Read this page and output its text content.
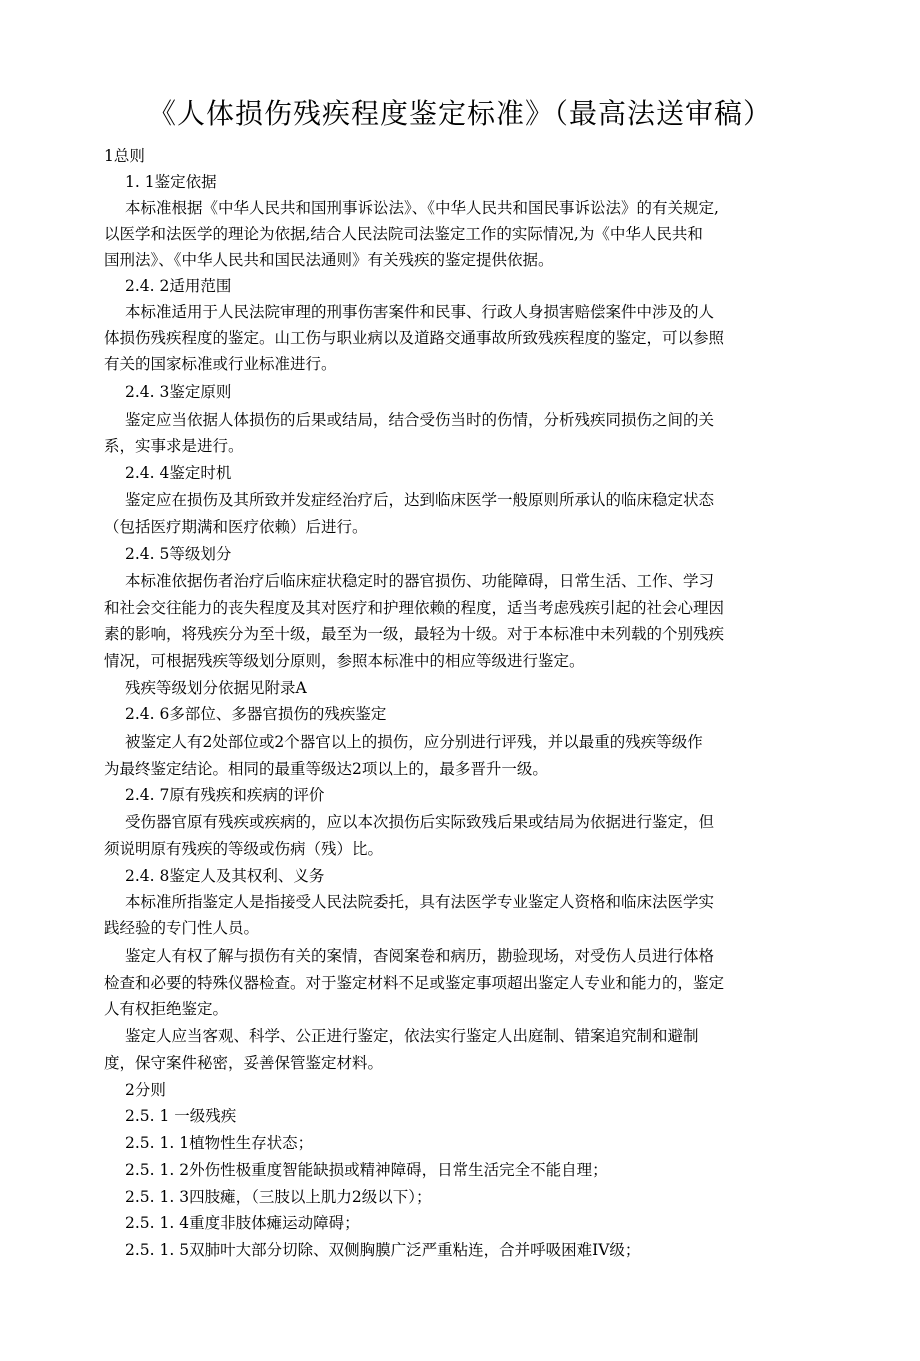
《人体损伤残疾程度鉴定标准》（最高法送审稿）
1总则
1. 1鉴定依据
本标准根据《中华人民共和国刑事诉讼法》、《中华人民共和国民事诉讼法》的有关规定,
以医学和法医学的理论为依据,结合人民法院司法鉴定工作的实际情况,为《中华人民共和
国刑法》、《中华人民共和国民法通则》有关残疾的鉴定提供依据。
2.4. 2适用范围
本标准适用于人民法院审理的刑事伤害案件和民事、行政人身损害赔偿案件中涉及的人
体损伤残疾程度的鉴定。山工伤与职业病以及道路交通事故所致残疾程度的鉴定，可以参照
有关的国家标准或行业标准进行。
2.4. 3鉴定原则
鉴定应当依据人体损伤的后果或结局，结合受伤当时的伤情，分析残疾同损伤之间的关
系，实事求是进行。
2.4. 4鉴定时机
鉴定应在损伤及其所致并发症经治疗后，达到临床医学一般原则所承认的临床稳定状态
（包括医疗期满和医疗依赖）后进行。
2.4. 5等级划分
本标准依据伤者治疗后临床症状稳定时的器官损伤、功能障碍，日常生活、工作、学习
和社会交往能力的丧失程度及其对医疗和护理依赖的程度，适当考虑残疾引起的社会心理因
素的影响，将残疾分为至十级，最至为一级，最轻为十级。对于本标准中未列载的个别残疾
情况，可根据残疾等级划分原则，参照本标准中的相应等级进行鉴定。
残疾等级划分依据见附录A
2.4. 6多部位、多器官损伤的残疾鉴定
被鉴定人有2处部位或2个器官以上的损伤，应分别进行评残，并以最重的残疾等级作
为最终鉴定结论。相同的最重等级达2项以上的，最多晋升一级。
2.4. 7原有残疾和疾病的评价
受伤器官原有残疾或疾病的，应以本次损伤后实际致残后果或结局为依据进行鉴定，但
须说明原有残疾的等级或伤病（残）比。
2.4. 8鉴定人及其权利、义务
本标准所指鉴定人是指接受人民法院委托，具有法医学专业鉴定人资格和临床法医学实
践经验的专门性人员。
鉴定人有权了解与损伤有关的案情，杳阅案卷和病历，勘验现场，对受伤人员进行体格
检查和必要的特殊仪器检查。对于鉴定材料不足或鉴定事项超出鉴定人专业和能力的，鉴定
人有权拒绝鉴定。
鉴定人应当客观、科学、公正进行鉴定，依法实行鉴定人出庭制、错案追究制和避制
度，保守案件秘密，妥善保管鉴定材料。
2分则
2.5. 1 一级残疾
2.5. 1. 1植物性生存状态；
2.5. 1. 2外伤性极重度智能缺损或精神障碍，日常生活完全不能自理；
2.5. 1. 3四肢瘫，（三肢以上肌力2级以下）；
2.5. 1. 4重度非肢体瘫运动障碍；
2.5. 1. 5双肺叶大部分切除、双侧胸膜广泛严重粘连，合并呼吸困难IV级；
